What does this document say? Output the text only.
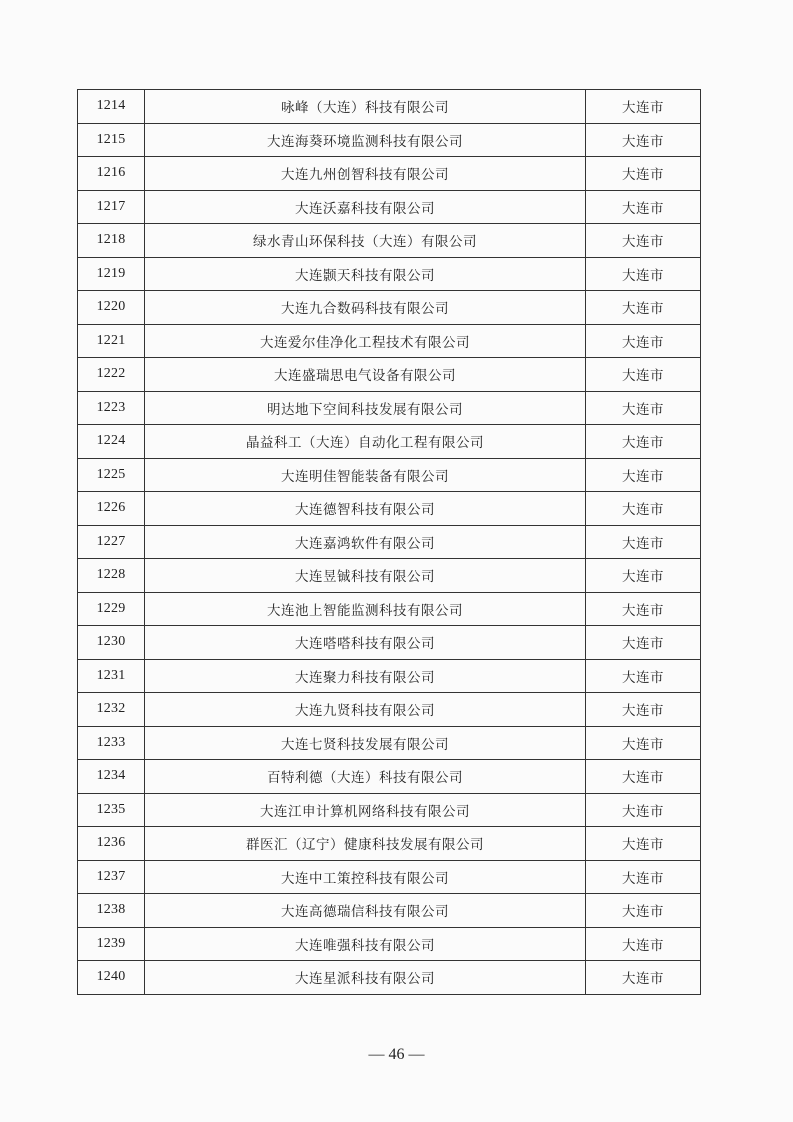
1214	咏峰（大连）科技有限公司	大连市
1215	大连海葵环境监测科技有限公司	大连市
1216	大连九州创智科技有限公司	大连市
1217	大连沃嘉科技有限公司	大连市
1218	绿水青山环保科技（大连）有限公司	大连市
1219	大连颢天科技有限公司	大连市
1220	大连九合数码科技有限公司	大连市
1221	大连爱尔佳净化工程技术有限公司	大连市
1222	大连盛瑞思电气设备有限公司	大连市
1223	明达地下空间科技发展有限公司	大连市
1224	晶益科工（大连）自动化工程有限公司	大连市
1225	大连明佳智能装备有限公司	大连市
1226	大连德智科技有限公司	大连市
1227	大连嘉鸿软件有限公司	大连市
1228	大连昱铖科技有限公司	大连市
1229	大连池上智能监测科技有限公司	大连市
1230	大连嗒嗒科技有限公司	大连市
1231	大连聚力科技有限公司	大连市
1232	大连九贤科技有限公司	大连市
1233	大连七贤科技发展有限公司	大连市
1234	百特利德（大连）科技有限公司	大连市
1235	大连江申计算机网络科技有限公司	大连市
1236	群医汇（辽宁）健康科技发展有限公司	大连市
1237	大连中工策控科技有限公司	大连市
1238	大连高德瑞信科技有限公司	大连市
1239	大连唯强科技有限公司	大连市
1240	大连星派科技有限公司	大连市
— 46 —
